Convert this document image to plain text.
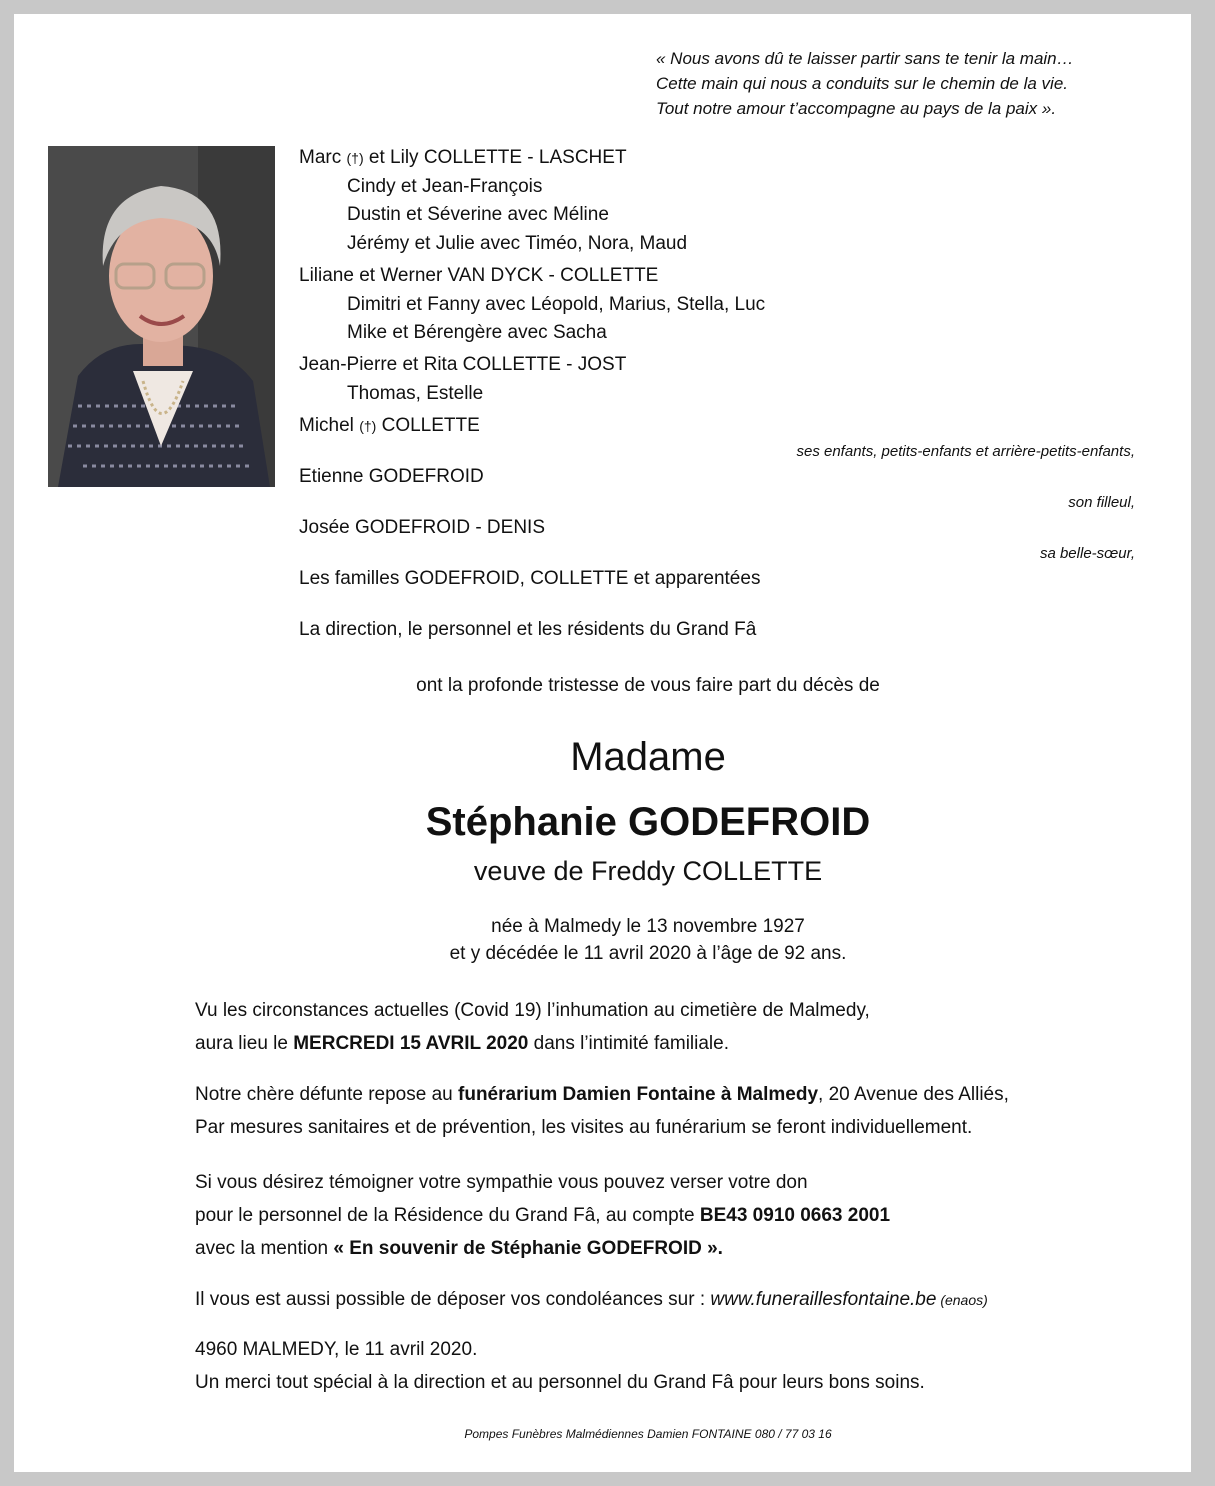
« Nous avons dû te laisser partir sans te tenir la main…
Cette main qui nous a conduits sur le chemin de la vie.
Tout notre amour t’accompagne au pays de la paix ».
Marc (†) et Lily COLLETTE - LASCHET
Cindy et Jean-François
Dustin et Séverine avec Méline
Jérémy et Julie avec Timéo, Nora, Maud
Liliane et Werner VAN DYCK - COLLETTE
Dimitri et Fanny avec Léopold, Marius, Stella, Luc
Mike et Bérengère avec Sacha
Jean-Pierre et Rita COLLETTE - JOST
Thomas, Estelle
Michel (†) COLLETTE
ses enfants, petits-enfants et arrière-petits-enfants,
Etienne GODEFROID
son filleul,
Josée GODEFROID - DENIS
sa belle-sœur,
Les familles GODEFROID, COLLETTE et apparentées
La direction, le personnel et les résidents du Grand Fâ
ont la profonde tristesse de vous faire part du décès de
Madame
Stéphanie GODEFROID
veuve de Freddy COLLETTE
née à Malmedy le 13 novembre 1927
et y décédée le 11 avril 2020 à l’âge de 92 ans.
Vu les circonstances actuelles (Covid 19) l’inhumation au cimetière de Malmedy,
aura lieu le MERCREDI 15 AVRIL 2020 dans l’intimité familiale.
Notre chère défunte repose au funérarium Damien Fontaine à Malmedy, 20 Avenue des Alliés,
Par mesures sanitaires et de prévention, les visites au funérarium se feront individuellement.
Si vous désirez témoigner votre sympathie vous pouvez verser votre don
pour le personnel de la Résidence du Grand Fâ, au compte BE43 0910 0663 2001
avec la mention « En souvenir de Stéphanie GODEFROID ».
Il vous est aussi possible de déposer vos condoléances sur : www.funeraillesfontaine.be (enaos)
4960 MALMEDY, le 11 avril 2020.
Un merci tout spécial à la direction et au personnel du Grand Fâ pour leurs bons soins.
Pompes Funèbres Malmédiennes Damien FONTAINE 080 / 77 03 16
